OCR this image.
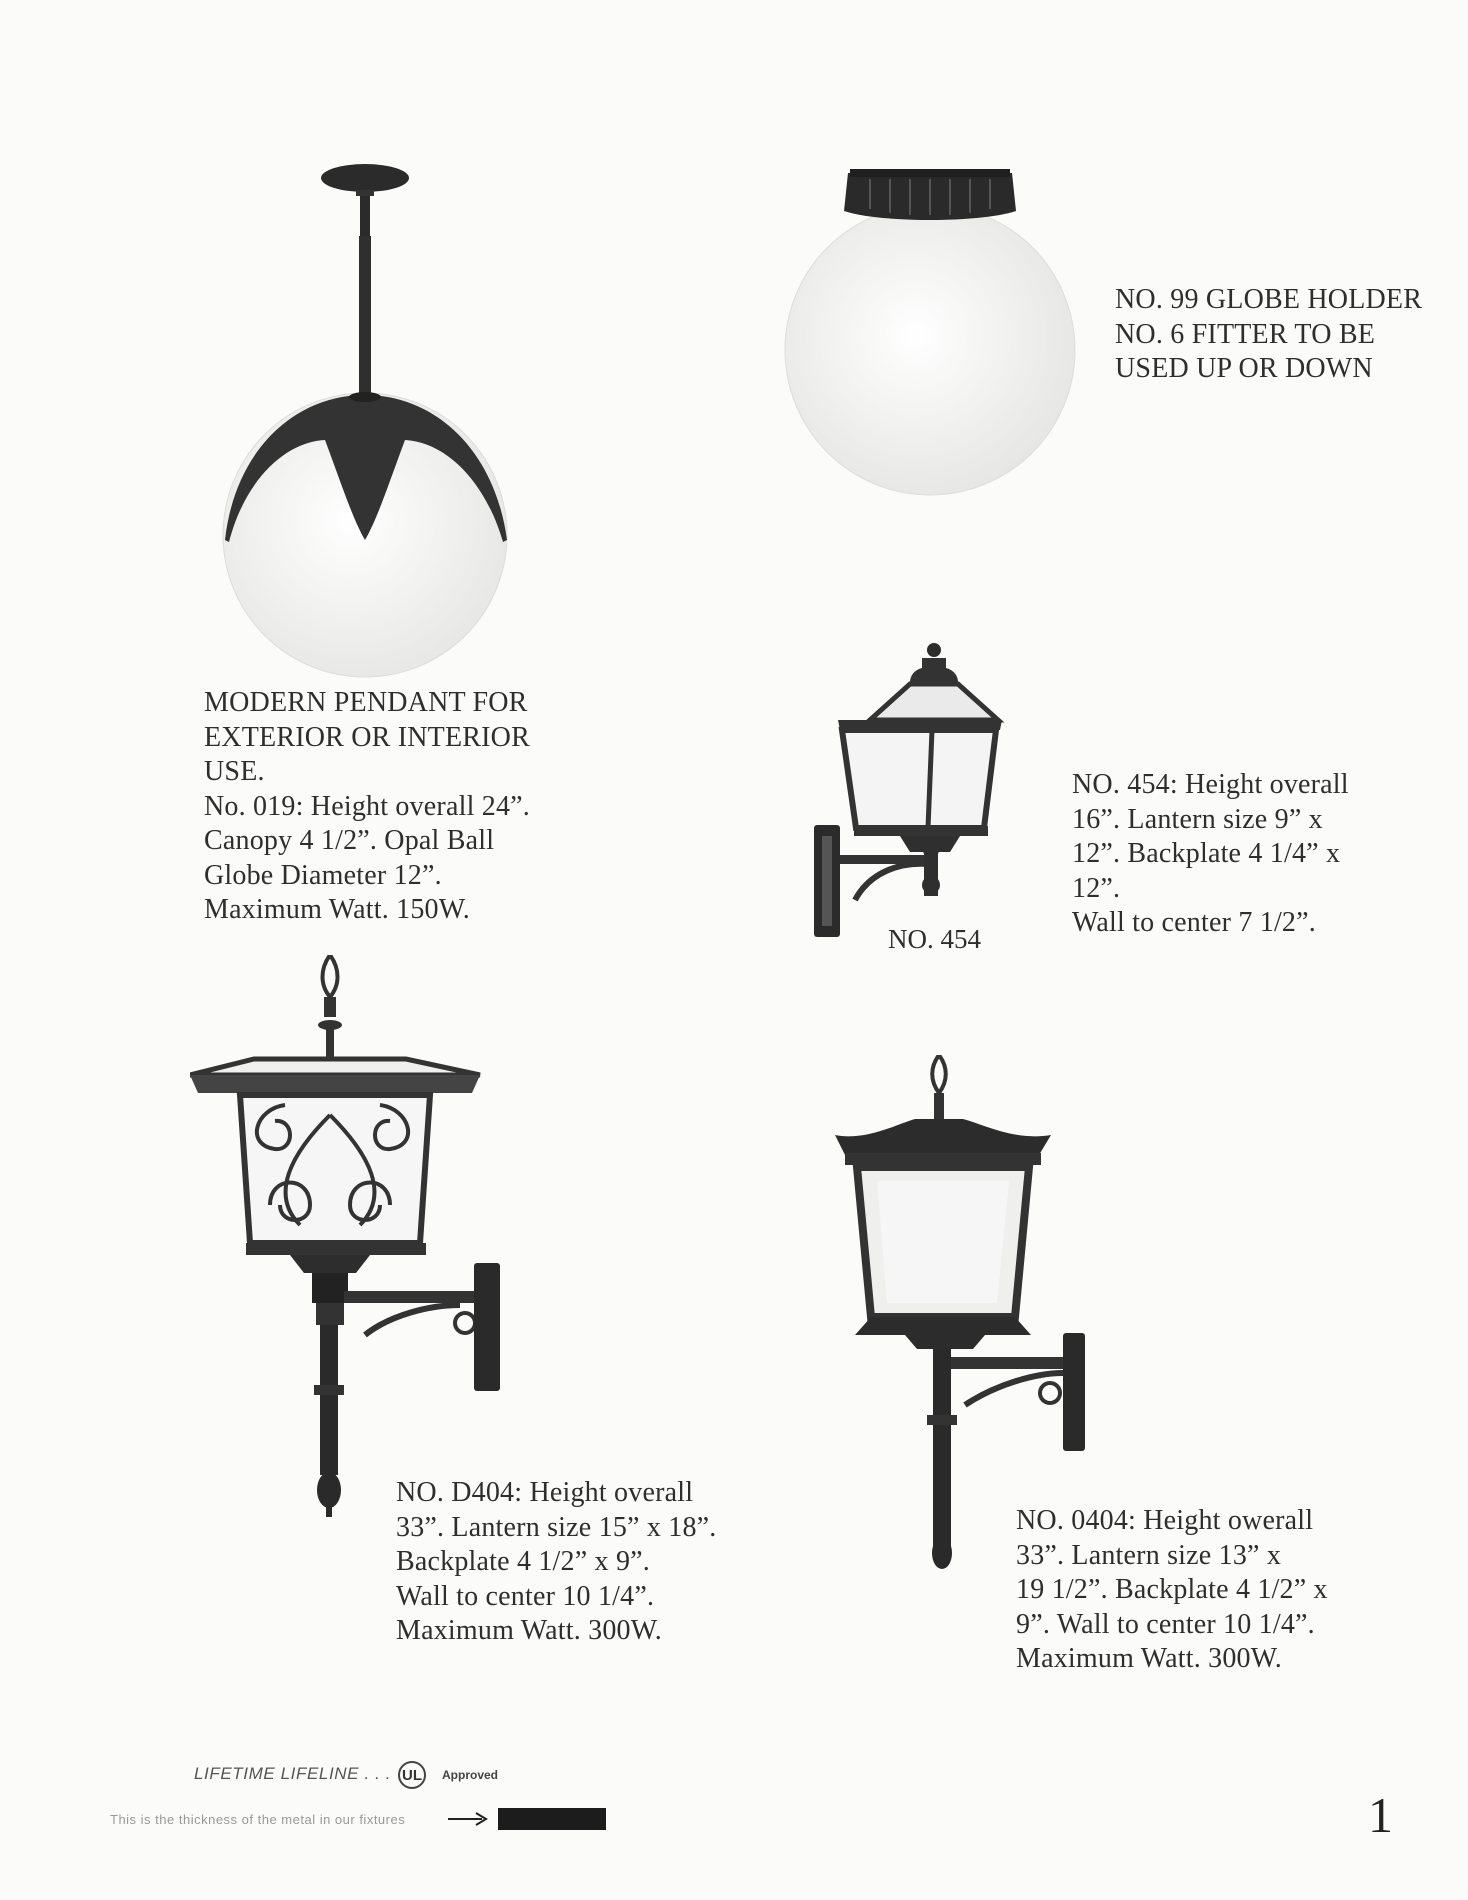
MODERN PENDANT FOR
EXTERIOR OR INTERIOR
USE.
No. 019: Height overall 24”.
Canopy 4 1/2”. Opal Ball
Globe Diameter 12”.
Maximum Watt. 150W.
NO. 99 GLOBE HOLDER
NO. 6 FITTER TO BE
USED UP OR DOWN
NO. 454: Height overall
16”. Lantern size 9” x
12”. Backplate 4 1/4” x
12”.
Wall to center 7 1/2”.
NO. 454
NO. D404: Height overall
33”. Lantern size 15” x 18”.
Backplate 4 1/2” x 9”.
Wall to center 10 1/4”.
Maximum Watt. 300W.
NO. 0404: Height owerall
33”. Lantern size 13” x
19 1/2”. Backplate 4 1/2” x
9”. Wall to center 10 1/4”.
Maximum Watt. 300W.
LIFETIME LIFELINE . . . UL Approved
This is the thickness of the metal in our fixtures	1
